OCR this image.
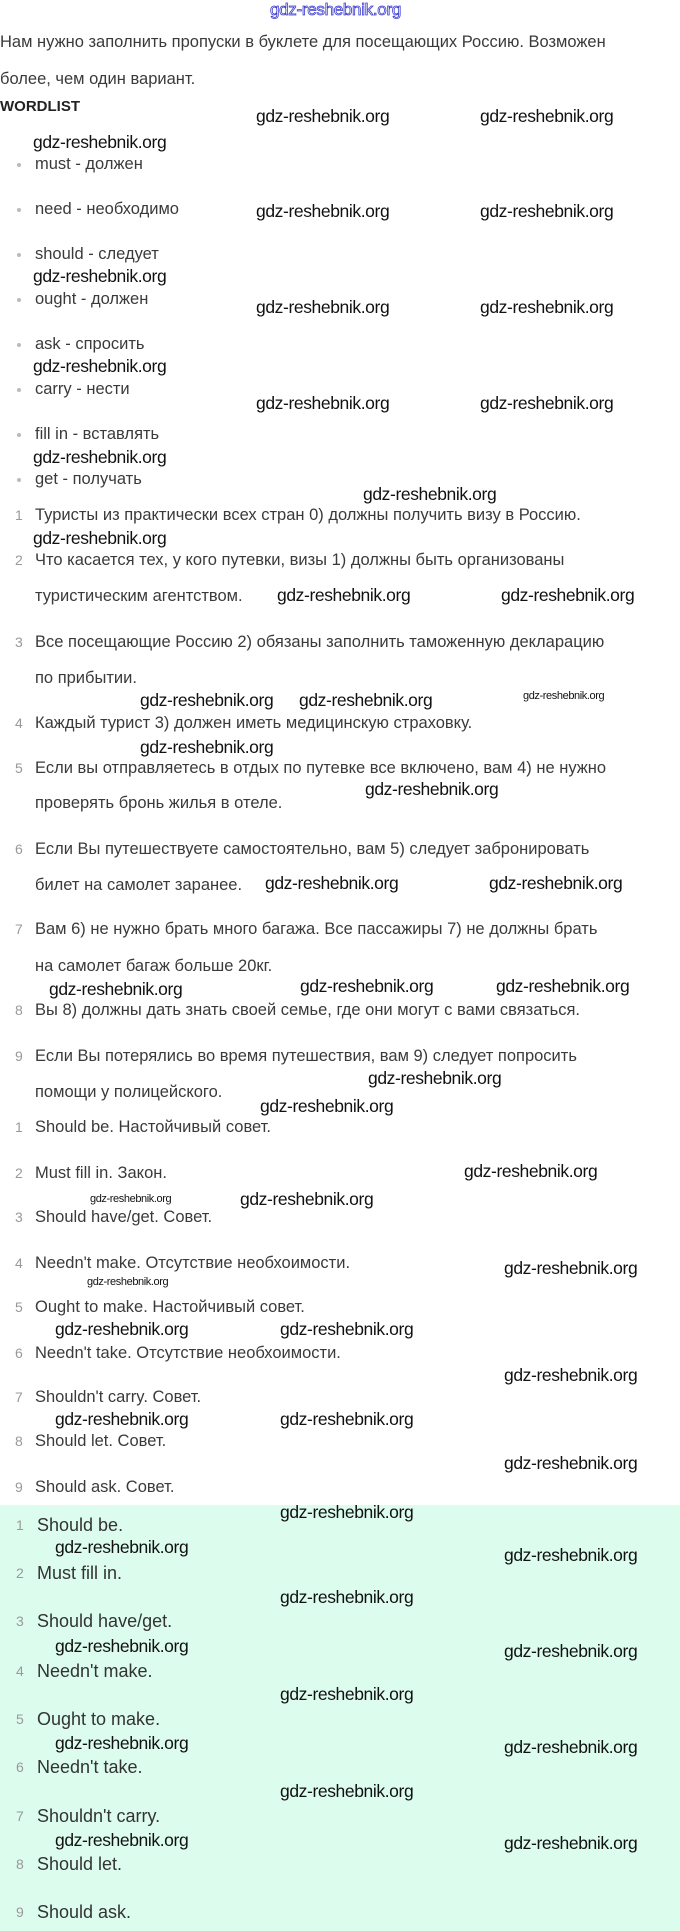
gdz-reshebnik.org
Нам нужно заполнить пропуски в буклете для посещающих Россию. Возможен
более, чем один вариант.
WORDLIST
must - должен
need - необходимо
should - следует
ought - должен
ask - спросить
carry - нести
fill in - вставлять
get - получать
1 Туристы из практически всех стран 0) должны получить визу в Россию.
2 Что касается тех, у кого путевки, визы 1) должны быть организованы
туристическим агентством.
3 Все посещающие Россию 2) обязаны заполнить таможенную декларацию
по прибытии.
4 Каждый турист 3) должен иметь медицинскую страховку.
5 Если вы отправляетесь в отдых по путевке все включено, вам 4) не нужно
проверять бронь жилья в отеле.
6 Если Вы путешествуете самостоятельно, вам 5) следует забронировать
билет на самолет заранее.
7 Вам 6) не нужно брать много багажа. Все пассажиры 7) не должны брать
на самолет багаж больше 20кг.
8 Вы 8) должны дать знать своей семье, где они могут с вами связаться.
9 Если Вы потерялись во время путешествия, вам 9) следует попросить
помощи у полицейского.
1 Should be. Настойчивый совет.
2 Must fill in. Закон.
3 Should have/get. Совет.
4 Needn't make. Отсутствие необхоимости.
5 Ought to make. Настойчивый совет.
6 Needn't take. Отсутствие необхоимости.
7 Shouldn't carry. Совет.
8 Should let. Совет.
9 Should ask. Совет.
1 Should be.
2 Must fill in.
3 Should have/get.
4 Needn't make.
5 Ought to make.
6 Needn't take.
7 Shouldn't carry.
8 Should let.
9 Should ask.
gdz-reshebnik.org
gdz-reshebnik.org	gdz-reshebnik.org
gdz-reshebnik.org	gdz-reshebnik.org
gdz-reshebnik.org
gdz-reshebnik.org	gdz-reshebnik.org
gdz-reshebnik.org
gdz-reshebnik.org	gdz-reshebnik.org
gdz-reshebnik.org
gdz-reshebnik.org
gdz-reshebnik.org
gdz-reshebnik.org	gdz-reshebnik.org
gdz-reshebnik.org gdz-reshebnik.org	gdz-reshebnik.org
gdz-reshebnik.org
gdz-reshebnik.org
gdz-reshebnik.org	gdz-reshebnik.org
gdz-reshebnik.org	gdz-reshebnik.org	gdz-reshebnik.org
gdz-reshebnik.org
gdz-reshebnik.org
gdz-reshebnik.org	gdz-reshebnik.org
gdz-reshebnik.org
gdz-reshebnik.org
gdz-reshebnik.org
gdz-reshebnik.org	gdz-reshebnik.org
gdz-reshebnik.org
gdz-reshebnik.org	gdz-reshebnik.org
gdz-reshebnik.org
gdz-reshebnik.org
gdz-reshebnik.org	gdz-reshebnik.org
gdz-reshebnik.org
gdz-reshebnik.org	gdz-reshebnik.org
gdz-reshebnik.org
gdz-reshebnik.org	gdz-reshebnik.org
gdz-reshebnik.org
gdz-reshebnik.org	gdz-reshebnik.org
